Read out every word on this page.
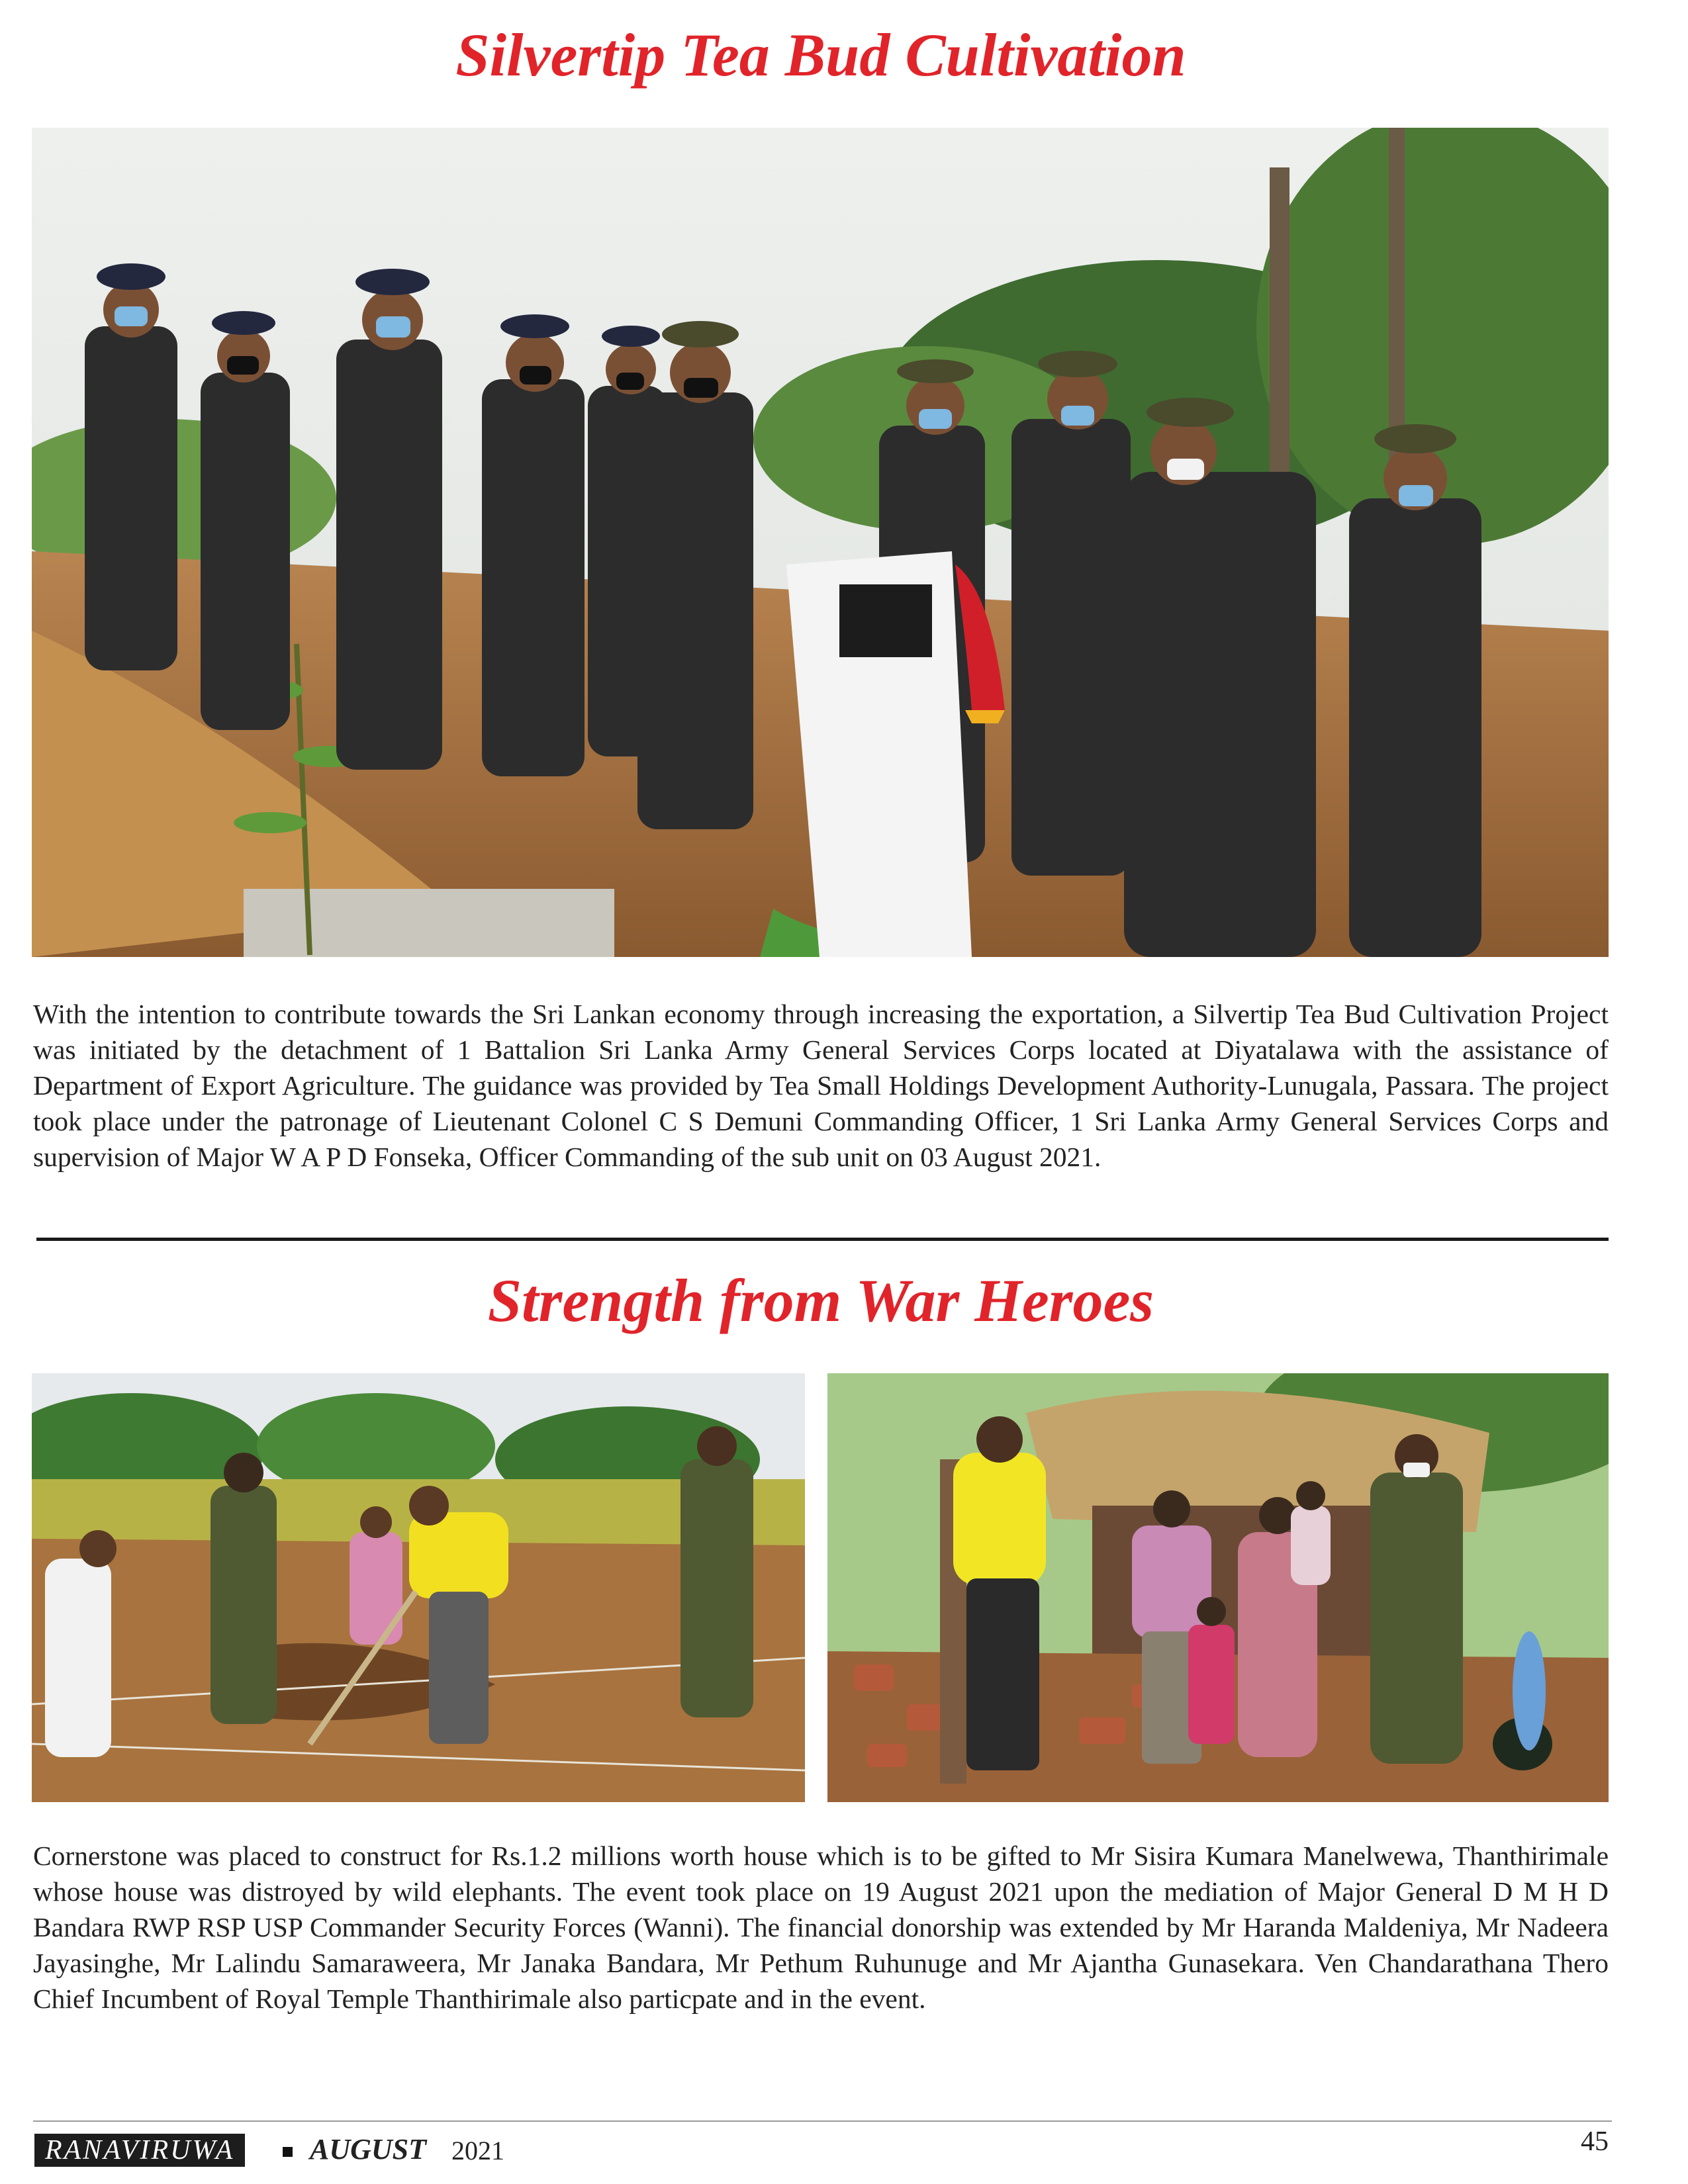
Silvertip Tea Bud Cultivation

With the intention to contribute towards the Sri Lankan economy through increasing the exportation, a Silvertip Tea Bud Cultivation Project was initiated by the detachment of 1 Battalion Sri Lanka Army General Services Corps located at Diyatalawa with the assistance of Department of Export Agriculture. The guidance was provided by Tea Small Holdings Development Authority-Lunugala, Passara. The project took place under the patronage of Lieutenant Colonel C S Demuni Commanding Officer, 1 Sri Lanka Army General Services Corps and supervision of Major W A P D Fonseka, Officer Commanding of the sub unit on 03 August 2021.

Strength from War Heroes

Cornerstone was placed to construct for Rs.1.2 millions worth house which is to be gifted to Mr Sisira Kumara Manelwewa, Thanthirimale whose house was distroyed by wild elephants. The event took place on 19 August 2021 upon the mediation of Major General D M H D Bandara RWP RSP USP Commander Security Forces (Wanni). The financial donorship was extended by Mr Haranda Maldeniya, Mr Nadeera Jayasinghe, Mr Lalindu Samaraweera, Mr Janaka Bandara, Mr Pethum Ruhunuge and Mr Ajantha Gunasekara. Ven Chandarathana Thero Chief Incumbent of Royal Temple Thanthirimale also particpate and in the event.

RANAVIRUWA	AUGUST 2021	45
